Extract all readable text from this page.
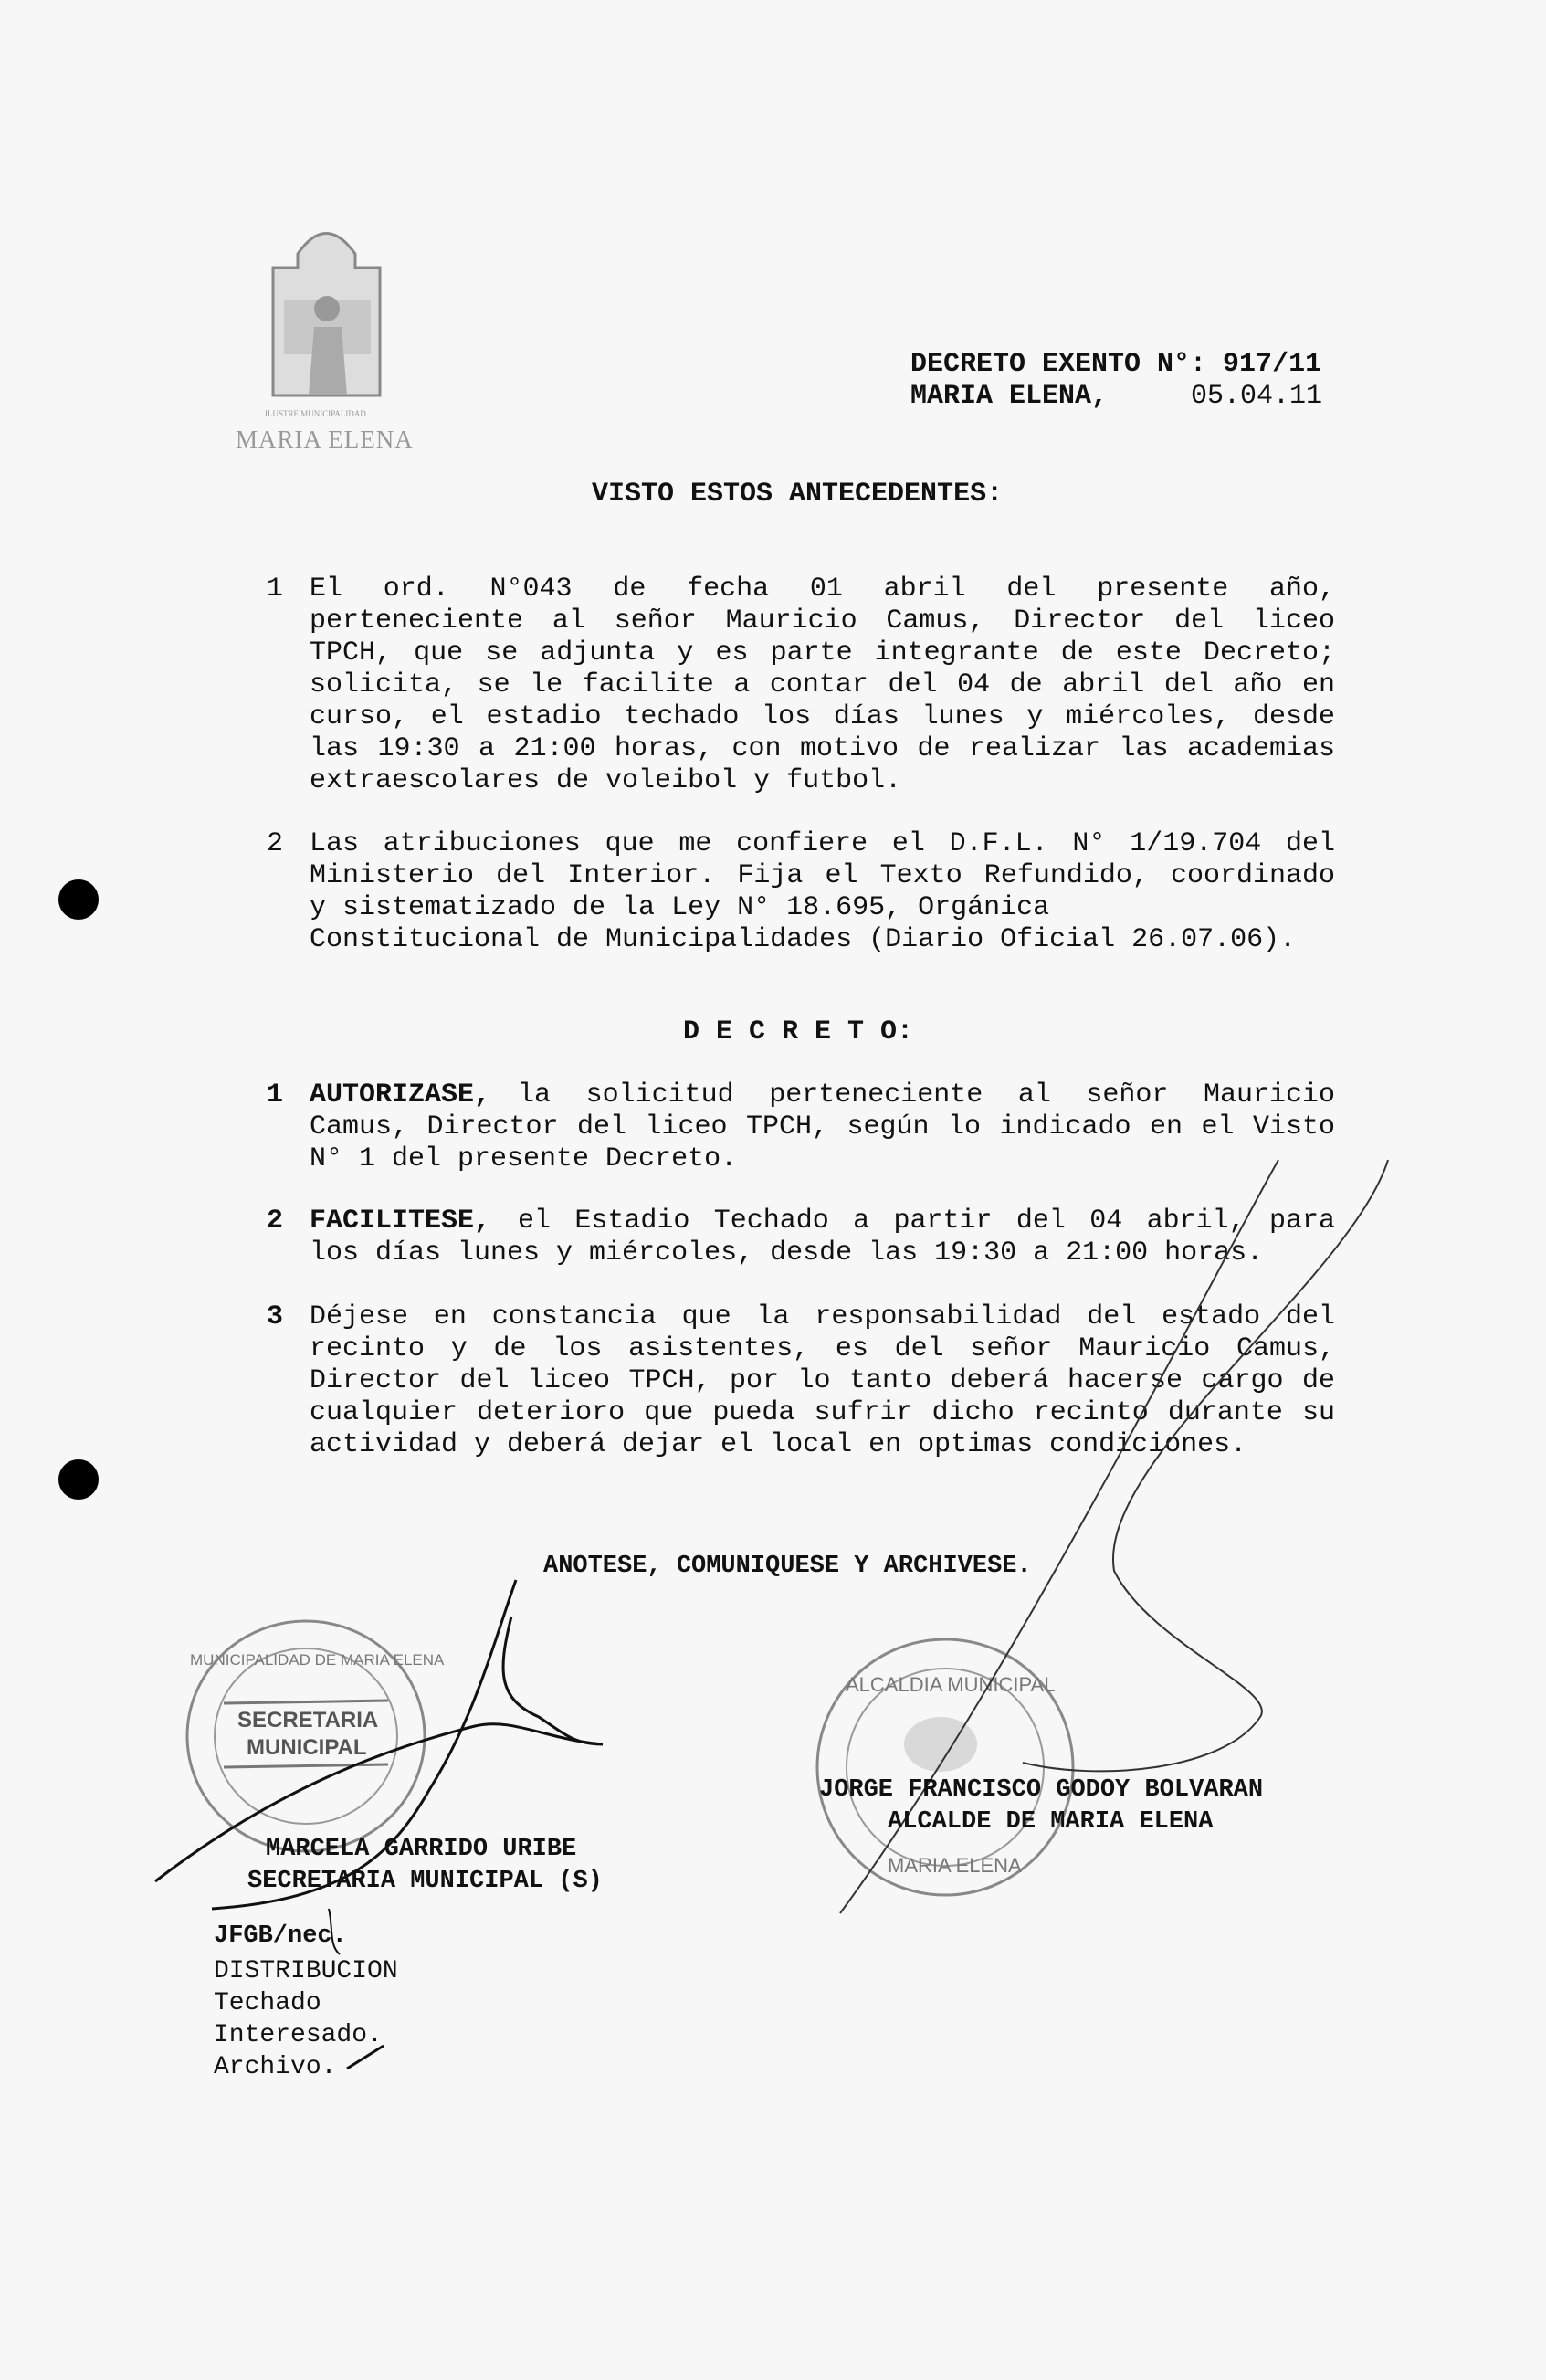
ILUSTRE MUNICIPALIDAD
MARIA ELENA
DECRETO EXENTO N°: 917/11
MARIA ELENA,	05.04.11
VISTO ESTOS ANTECEDENTES:
1 El ord. N°043 de fecha 01 abril del presente año,
perteneciente al señor Mauricio Camus, Director del liceo
TPCH, que se adjunta y es parte integrante de este Decreto;
solicita, se le facilite a contar del 04 de abril del año en
curso, el estadio techado los días lunes y miércoles, desde
las 19:30 a 21:00 horas, con motivo de realizar las academias
extraescolares de voleibol y futbol.
2 Las atribuciones que me confiere el D.F.L. N° 1/19.704 del
Ministerio del Interior. Fija el Texto Refundido, coordinado
y sistematizado de la Ley N° 18.695, Orgánica
Constitucional de Municipalidades (Diario Oficial 26.07.06).
D E C R E T O:
1 AUTORIZASE,	la solicitud perteneciente al señor Mauricio
Camus, Director del liceo TPCH, según lo indicado en el Visto
N° 1 del presente Decreto.
2 FACILITESE,	el Estadio Techado a partir del 04 abril, para
los días lunes y miércoles, desde las 19:30 a 21:00 horas.
3 Déjese en constancia que la responsabilidad del estado del
recinto y de los asistentes, es del señor Mauricio Camus,
Director del liceo TPCH, por lo tanto deberá hacerse cargo de
cualquier deterioro que pueda sufrir dicho recinto durante su
actividad y deberá dejar el local en optimas condiciones.
ANOTESE, COMUNIQUESE Y ARCHIVESE.
MUNICIPALIDAD DE MARIA ELENA
SECRETARIA
MUNICIPAL
ALCALDIA MUNICIPAL
MARIA ELENA
MARCELA GARRIDO URIBE
SECRETARIA MUNICIPAL (S)
JORGE FRANCISCO GODOY BOLVARAN
ALCALDE DE MARIA ELENA
JFGB/nec.
DISTRIBUCION
Techado
Interesado.
Archivo.
